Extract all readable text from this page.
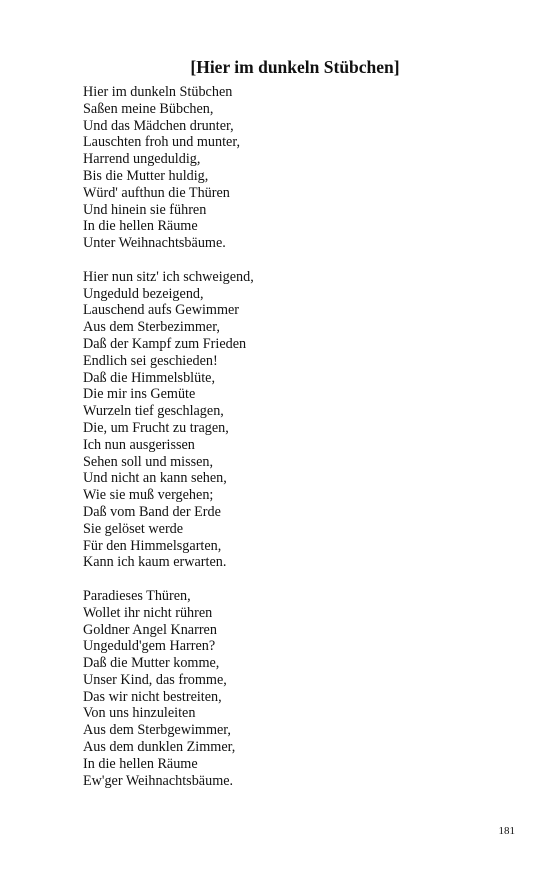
[Hier im dunkeln Stübchen]
Hier im dunkeln Stübchen
Saßen meine Bübchen,
Und das Mädchen drunter,
Lauschten froh und munter,
Harrend ungeduldig,
Bis die Mutter huldig,
Würd' aufthun die Thüren
Und hinein sie führen
In die hellen Räume
Unter Weihnachtsbäume.
Hier nun sitz' ich schweigend,
Ungeduld bezeigend,
Lauschend aufs Gewimmer
Aus dem Sterbezimmer,
Daß der Kampf zum Frieden
Endlich sei geschieden!
Daß die Himmelsblüte,
Die mir ins Gemüte
Wurzeln tief geschlagen,
Die, um Frucht zu tragen,
Ich nun ausgerissen
Sehen soll und missen,
Und nicht an kann sehen,
Wie sie muß vergehen;
Daß vom Band der Erde
Sie gelöset werde
Für den Himmelsgarten,
Kann ich kaum erwarten.
Paradieses Thüren,
Wollet ihr nicht rühren
Goldner Angel Knarren
Ungeduld'gem Harren?
Daß die Mutter komme,
Unser Kind, das fromme,
Das wir nicht bestreiten,
Von uns hinzuleiten
Aus dem Sterbgewimmer,
Aus dem dunklen Zimmer,
In die hellen Räume
Ew'ger Weihnachtsbäume.
181
